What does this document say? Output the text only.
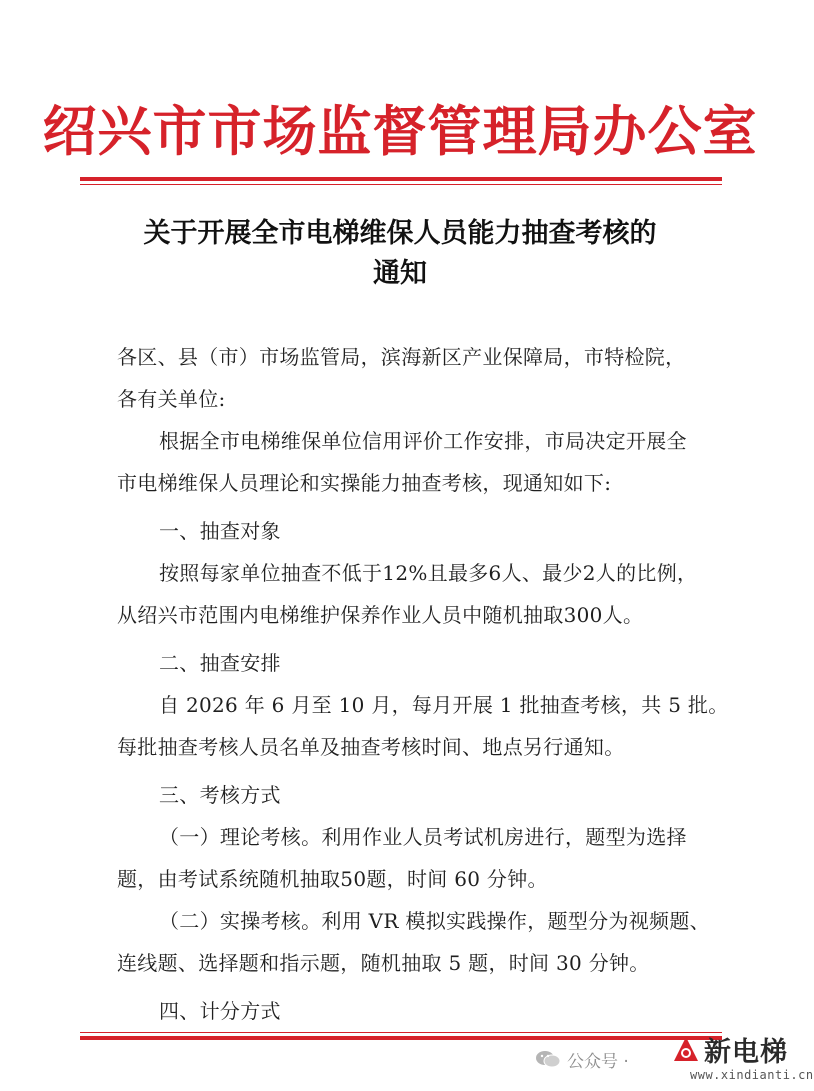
绍兴市市场监督管理局办公室
关于开展全市电梯维保人员能力抽查考核的
通知
各区、县（市）市场监管局，滨海新区产业保障局，市特检院，
各有关单位:
根据全市电梯维保单位信用评价工作安排，市局决定开展全
市电梯维保人员理论和实操能力抽查考核，现通知如下:
一、抽查对象
按照每家单位抽查不低于12%且最多6人、最少2人的比例，
从绍兴市范围内电梯维护保养作业人员中随机抽取300人。
二、抽查安排
自 2026 年 6 月至 10 月，每月开展 1 批抽查考核，共 5 批。
每批抽查考核人员名单及抽查考核时间、地点另行通知。
三、考核方式
（一）理论考核。利用作业人员考试机房进行，题型为选择
题，由考试系统随机抽取50题，时间 60 分钟。
（二）实操考核。利用 VR 模拟实践操作，题型分为视频题、
连线题、选择题和指示题，随机抽取 5 题，时间 30 分钟。
四、计分方式
公众号 ·	新电梯
www.xindianti.cn
